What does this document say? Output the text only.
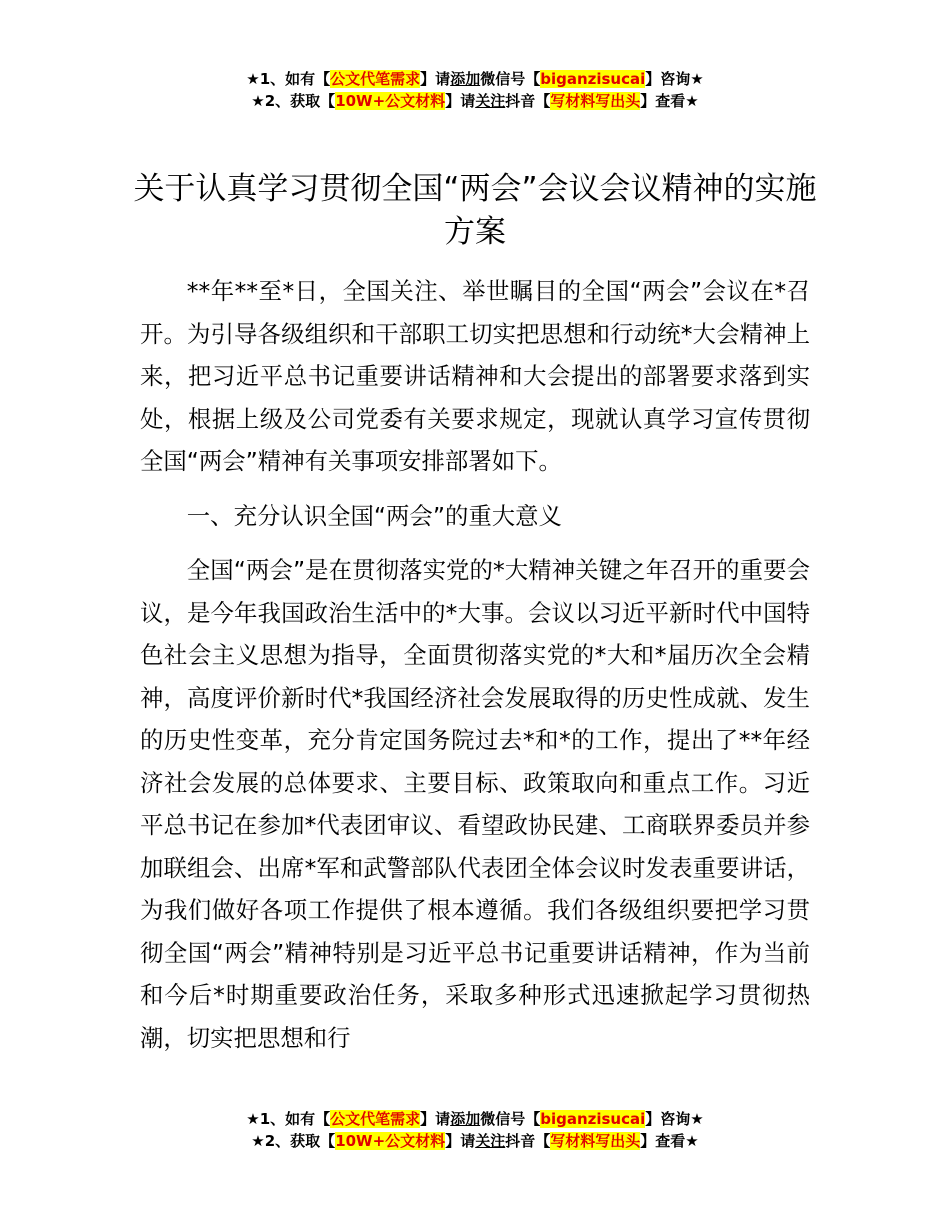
★1、如有【公文代笔需求】请添加微信号【biganzisucai】咨询★
★2、获取【10W+公文材料】请关注抖音【写材料写出头】查看★
关于认真学习贯彻全国“两会”会议会议精神的实施方案

**年**至*日，全国关注、举世瞩目的全国“两会”会议在*召开。为引导各级组织和干部职工切实把思想和行动统*大会精神上来，把习近平总书记重要讲话精神和大会提出的部署要求落到实处，根据上级及公司党委有关要求规定，现就认真学习宣传贯彻全国“两会”精神有关事项安排部署如下。

一、充分认识全国“两会”的重大意义

全国“两会”是在贯彻落实党的*大精神关键之年召开的重要会议，是今年我国政治生活中的*大事。会议以习近平新时代中国特色社会主义思想为指导，全面贯彻落实党的*大和*届历次全会精神，高度评价新时代*我国经济社会发展取得的历史性成就、发生的历史性变革，充分肯定国务院过去*和*的工作，提出了**年经济社会发展的总体要求、主要目标、政策取向和重点工作。习近平总书记在参加*代表团审议、看望政协民建、工商联界委员并参加联组会、出席*军和武警部队代表团全体会议时发表重要讲话，为我们做好各项工作提供了根本遵循。我们各级组织要把学习贯彻全国“两会”精神特别是习近平总书记重要讲话精神，作为当前和今后*时期重要政治任务，采取多种形式迅速掀起学习贯彻热潮，切实把思想和行

★1、如有【公文代笔需求】请添加微信号【biganzisucai】咨询★
★2、获取【10W+公文材料】请关注抖音【写材料写出头】查看★
